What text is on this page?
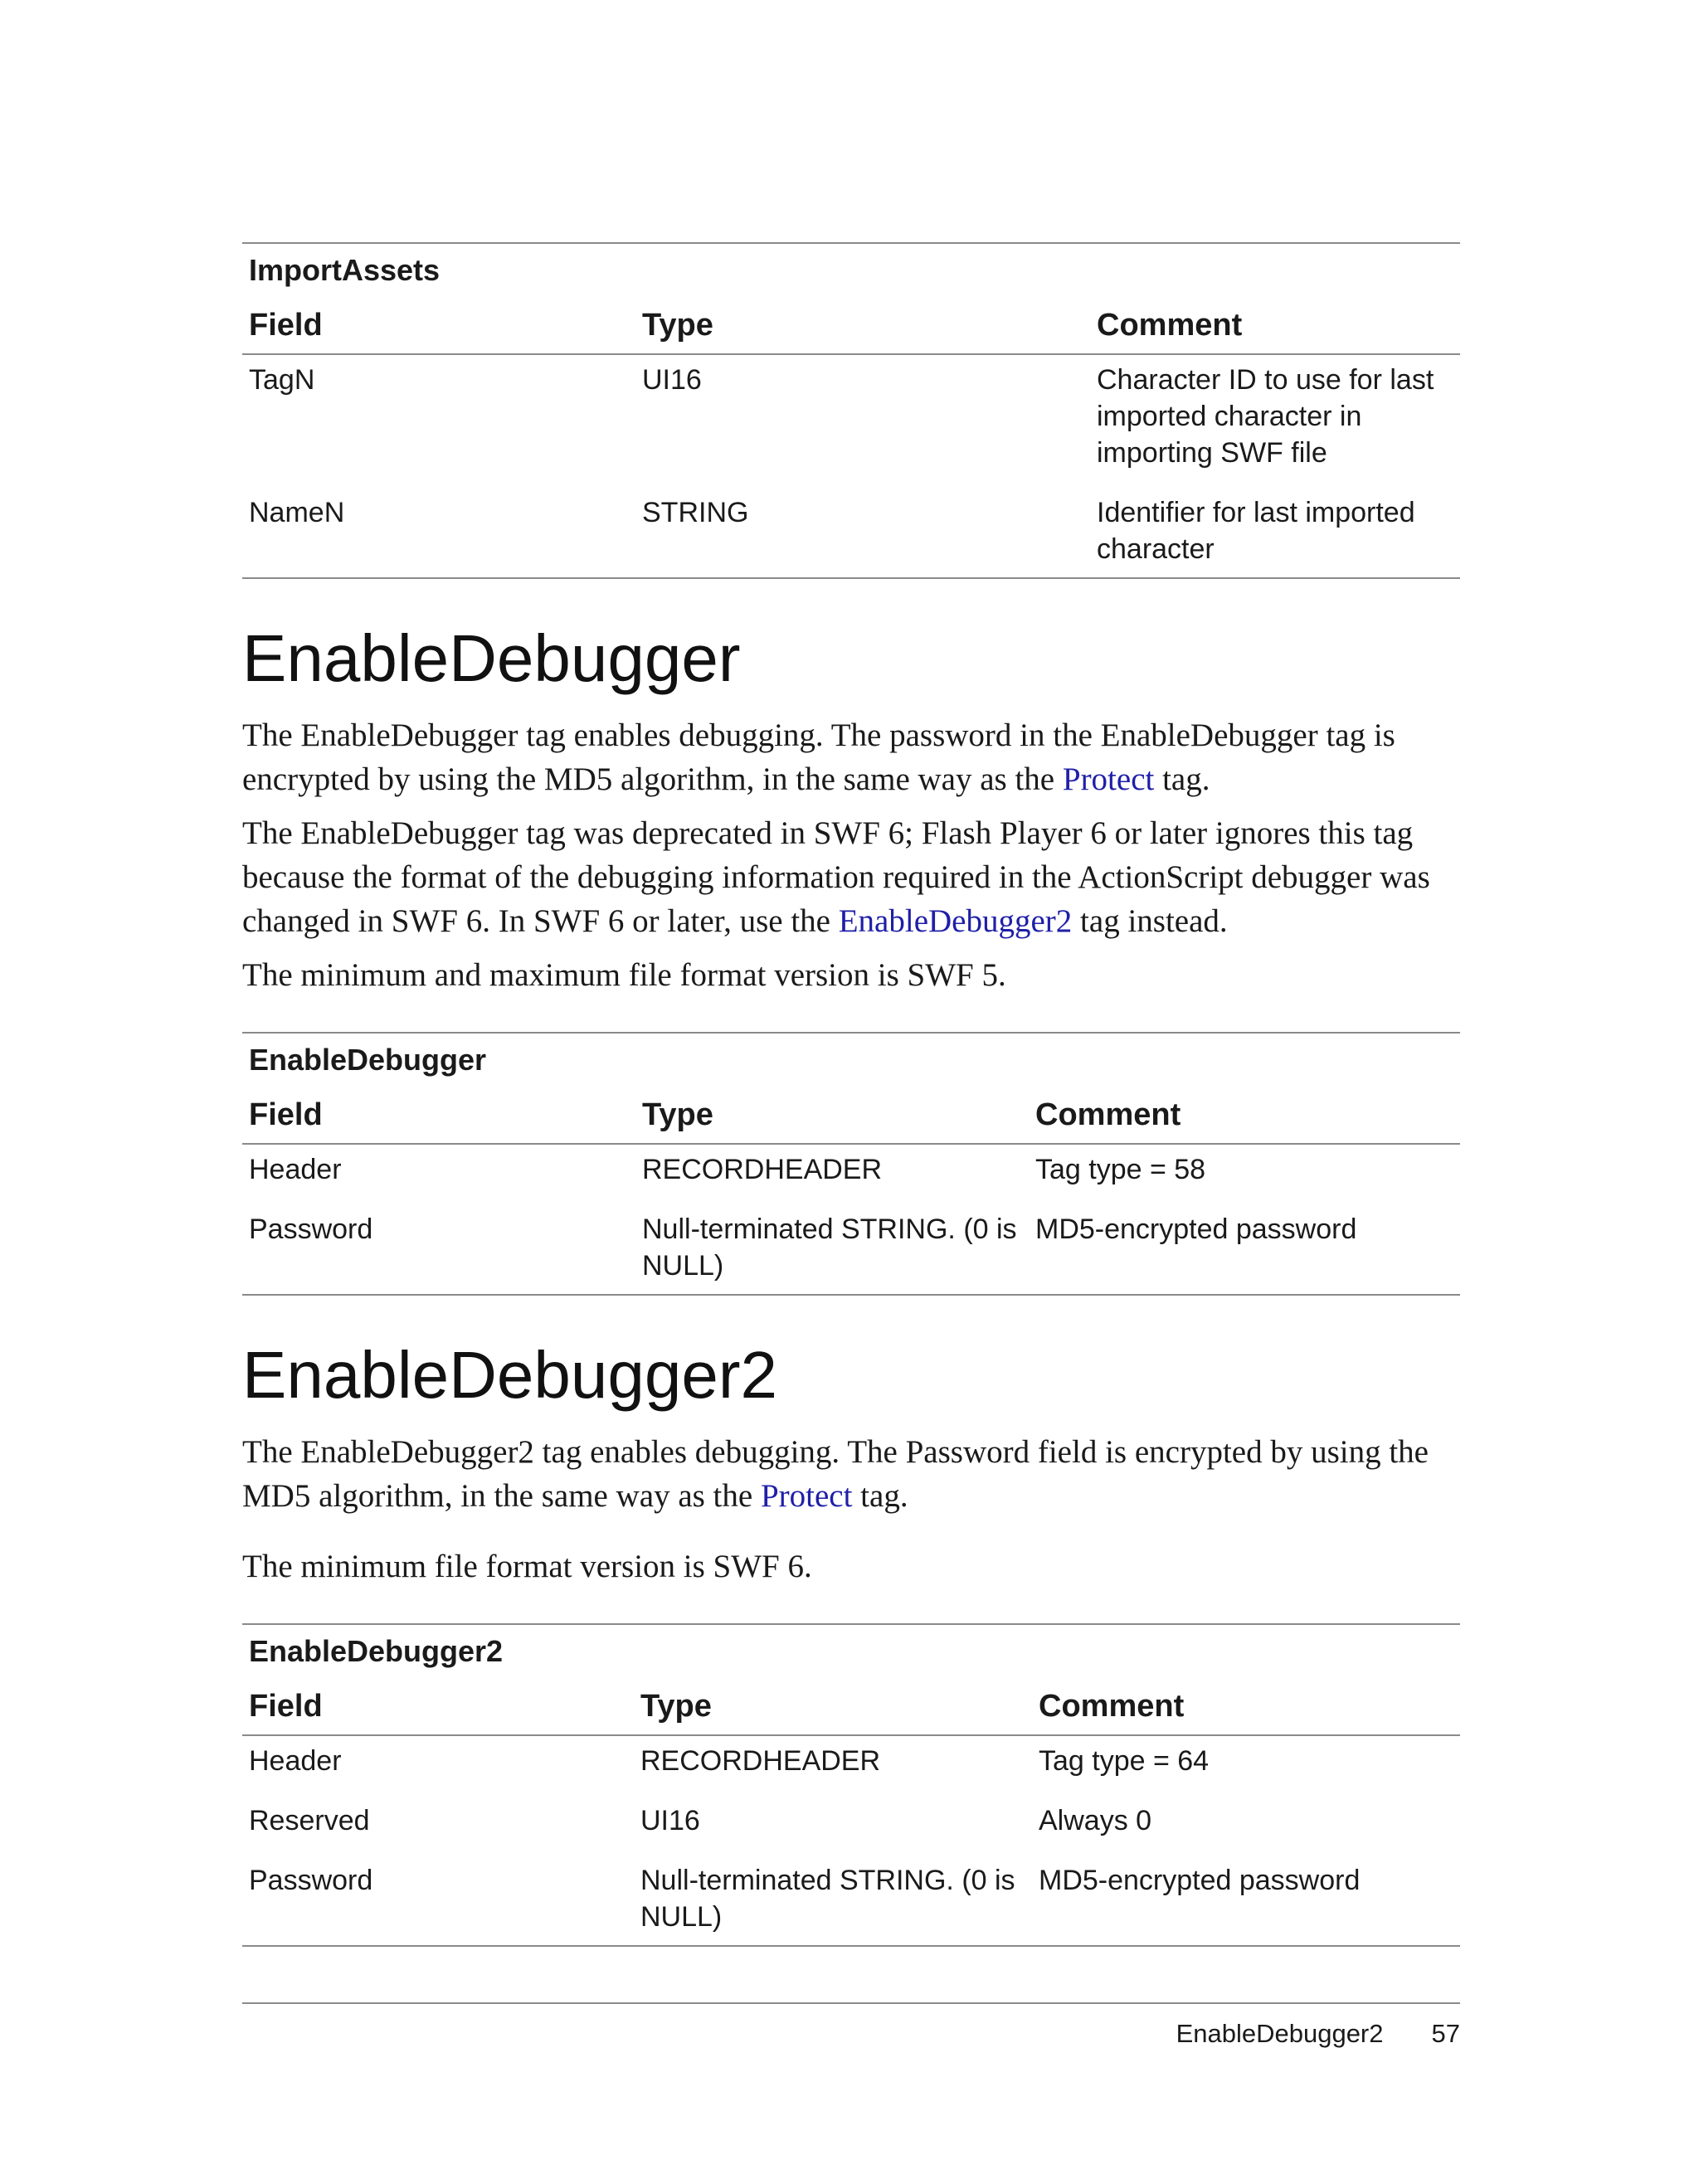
ImportAssets		
Field	Type	Comment
TagN	UI16	Character ID to use for last imported character in importing SWF file
NameN	STRING	Identifier for last imported character
EnableDebugger

The EnableDebugger tag enables debugging. The password in the EnableDebugger tag is encrypted by using the MD5 algorithm, in the same way as the Protect tag.

The EnableDebugger tag was deprecated in SWF 6; Flash Player 6 or later ignores this tag because the format of the debugging information required in the ActionScript debugger was changed in SWF 6. In SWF 6 or later, use the EnableDebugger2 tag instead.

The minimum and maximum file format version is SWF 5.

EnableDebugger		
Field	Type	Comment
Header	RECORDHEADER	Tag type = 58
Password	Null-terminated STRING. (0 is NULL)	MD5-encrypted password
EnableDebugger2

The EnableDebugger2 tag enables debugging. The Password field is encrypted by using the MD5 algorithm, in the same way as the Protect tag.

The minimum file format version is SWF 6.

EnableDebugger2		
Field	Type	Comment
Header	RECORDHEADER	Tag type = 64
Reserved	UI16	Always 0
Password	Null-terminated STRING. (0 is NULL)	MD5-encrypted password
EnableDebugger2 57
